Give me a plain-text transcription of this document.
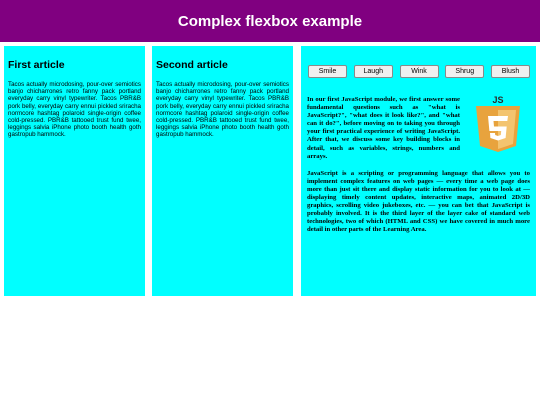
Complex flexbox example
First article

Tacos actually microdosing, pour-over semiotics banjo chicharrones retro fanny pack portland everyday carry vinyl typewriter. Tacos PBR&B pork belly, everyday carry ennui pickled sriracha normcore hashtag polaroid single-origin coffee cold-pressed. PBR&B tattooed trust fund twee, leggings salvia iPhone photo booth health goth gastropub hammock.

Second article

Tacos actually microdosing, pour-over semiotics banjo chicharrones retro fanny pack portland everyday carry vinyl typewriter. Tacos PBR&B pork belly, everyday carry ennui pickled sriracha normcore hashtag polaroid single-origin coffee cold-pressed. PBR&B tattooed trust fund twee, leggings salvia iPhone photo booth health goth gastropub hammock.

Smile	Laugh	Wink	Shrug	Blush
JS

In our first JavaScript module, we first answer some fundamental questions such as "what is JavaScript?", "what does it look like?", and "what can it do?", before moving on to taking you through your first practical experience of writing JavaScript. After that, we discuss some key building blocks in detail, such as variables, strings, numbers and arrays.

JavaScript is a scripting or programming language that allows you to implement complex features on web pages — every time a web page does more than just sit there and display static information for you to look at — displaying timely content updates, interactive maps, animated 2D/3D graphics, scrolling video jukeboxes, etc. — you can bet that JavaScript is probably involved. It is the third layer of the layer cake of standard web technologies, two of which (HTML and CSS) we have covered in much more detail in other parts of the Learning Area.
